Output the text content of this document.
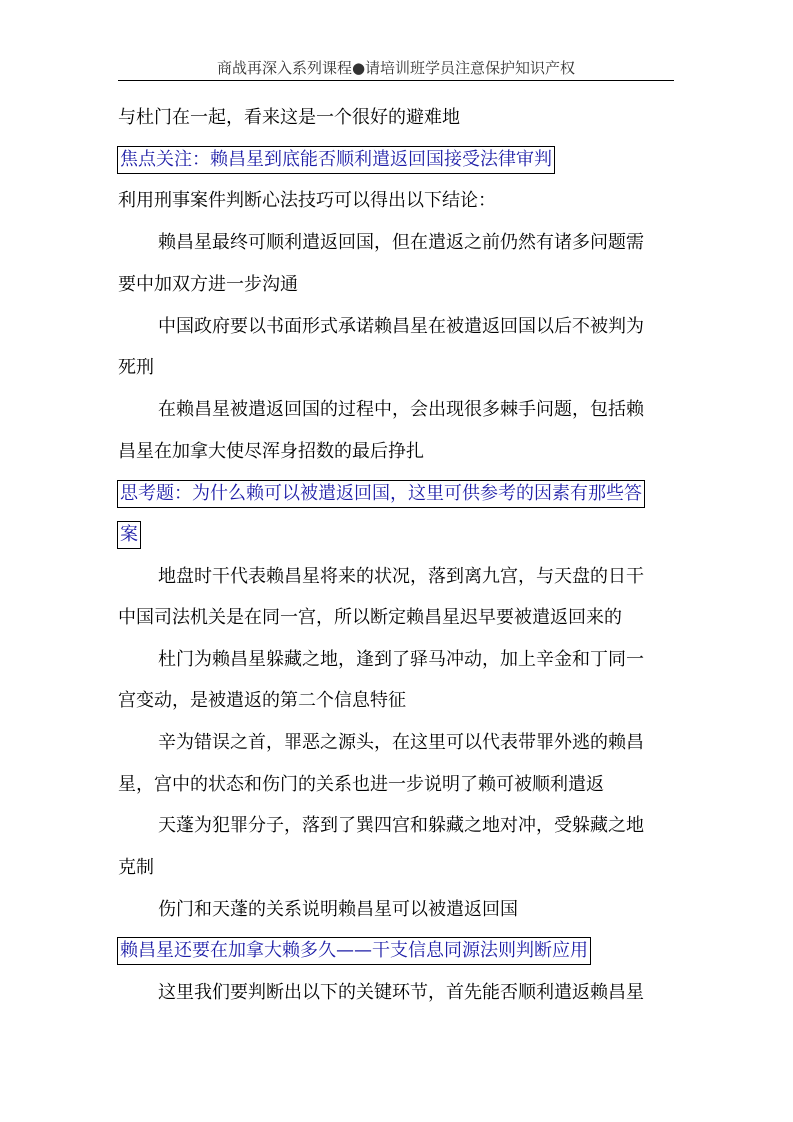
商战再深入系列课程●请培训班学员注意保护知识产权
与杜门在一起，看来这是一个很好的避难地
焦点关注：赖昌星到底能否顺利遣返回国接受法律审判
利用刑事案件判断心法技巧可以得出以下结论：
赖昌星最终可顺利遣返回国，但在遣返之前仍然有诸多问题需
要中加双方进一步沟通
中国政府要以书面形式承诺赖昌星在被遣返回国以后不被判为
死刑
在赖昌星被遣返回国的过程中，会出现很多棘手问题，包括赖
昌星在加拿大使尽浑身招数的最后挣扎
思考题：为什么赖可以被遣返回国，这里可供参考的因素有那些答
案
地盘时干代表赖昌星将来的状况，落到离九宫，与天盘的日干
中国司法机关是在同一宫，所以断定赖昌星迟早要被遣返回来的
杜门为赖昌星躲藏之地，逢到了驿马冲动，加上辛金和丁同一
宫变动，是被遣返的第二个信息特征
辛为错误之首，罪恶之源头，在这里可以代表带罪外逃的赖昌
星，宫中的状态和伤门的关系也进一步说明了赖可被顺利遣返
天蓬为犯罪分子，落到了巽四宫和躲藏之地对冲，受躲藏之地
克制
伤门和天蓬的关系说明赖昌星可以被遣返回国
赖昌星还要在加拿大赖多久——干支信息同源法则判断应用
这里我们要判断出以下的关键环节，首先能否顺利遣返赖昌星
